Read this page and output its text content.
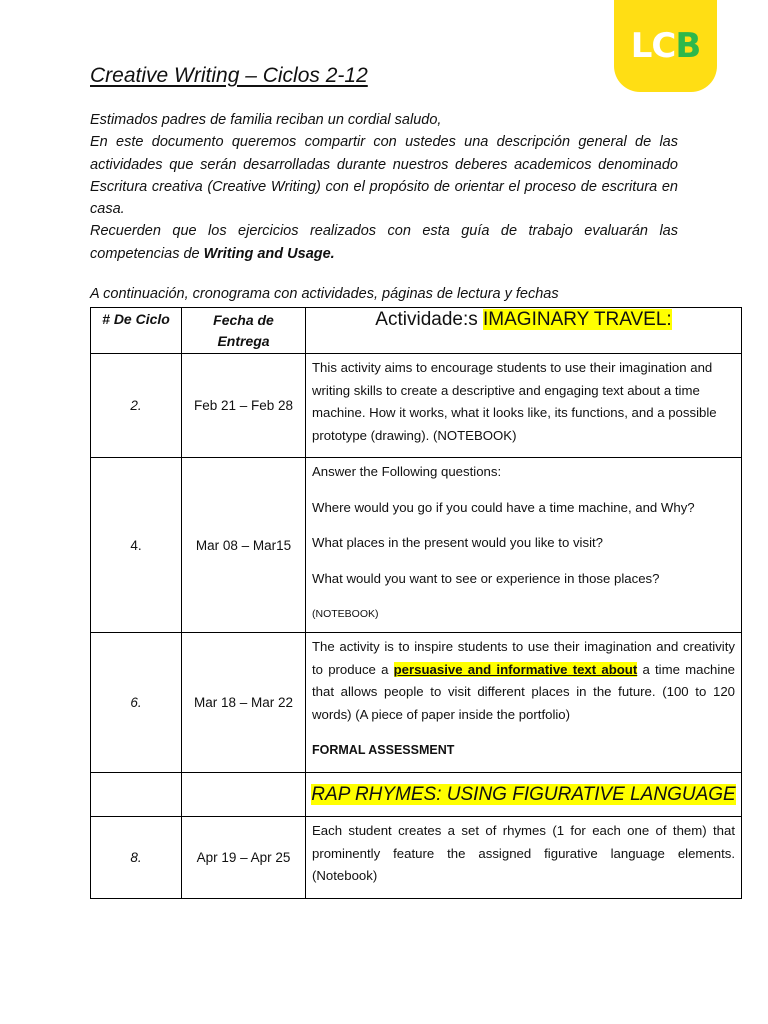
LCB
Creative Writing – Ciclos 2-12

Estimados padres de familia reciban un cordial saludo,

En este documento queremos compartir con ustedes una descripción general de las actividades que serán desarrolladas durante nuestros deberes academicos denominado Escritura creativa (Creative Writing) con el propósito de orientar el proceso de escritura en casa.

Recuerden que los ejercicios realizados con esta guía de trabajo evaluarán las competencias de Writing and Usage.

A continuación, cronograma con actividades, páginas de lectura y fechas
# De Ciclo	Fecha de Entrega	Actividade:s IMAGINARY TRAVEL:
2.	Feb 21 – Feb 28	This activity aims to encourage students to use their imagination and writing skills to create a descriptive and engaging text about a time machine. How it works, what it looks like, its functions, and a possible prototype (drawing). (NOTEBOOK)

4.	Mar 08 – Mar15	Answer the Following questions:

Where would you go if you could have a time machine, and Why?

What places in the present would you like to visit?

What would you want to see or experience in those places?

(NOTEBOOK)

6.	Mar 18 – Mar 22	The activity is to inspire students to use their imagination and creativity to produce a persuasive and informative text about a time machine that allows people to visit different places in the future. (100 to 120 words) (A piece of paper inside the portfolio)

FORMAL ASSESSMENT

		RAP RHYMES: USING FIGURATIVE LANGUAGE
8.	Apr 19 – Apr 25	Each student creates a set of rhymes (1 for each one of them) that prominently feature the assigned figurative language elements. (Notebook)
